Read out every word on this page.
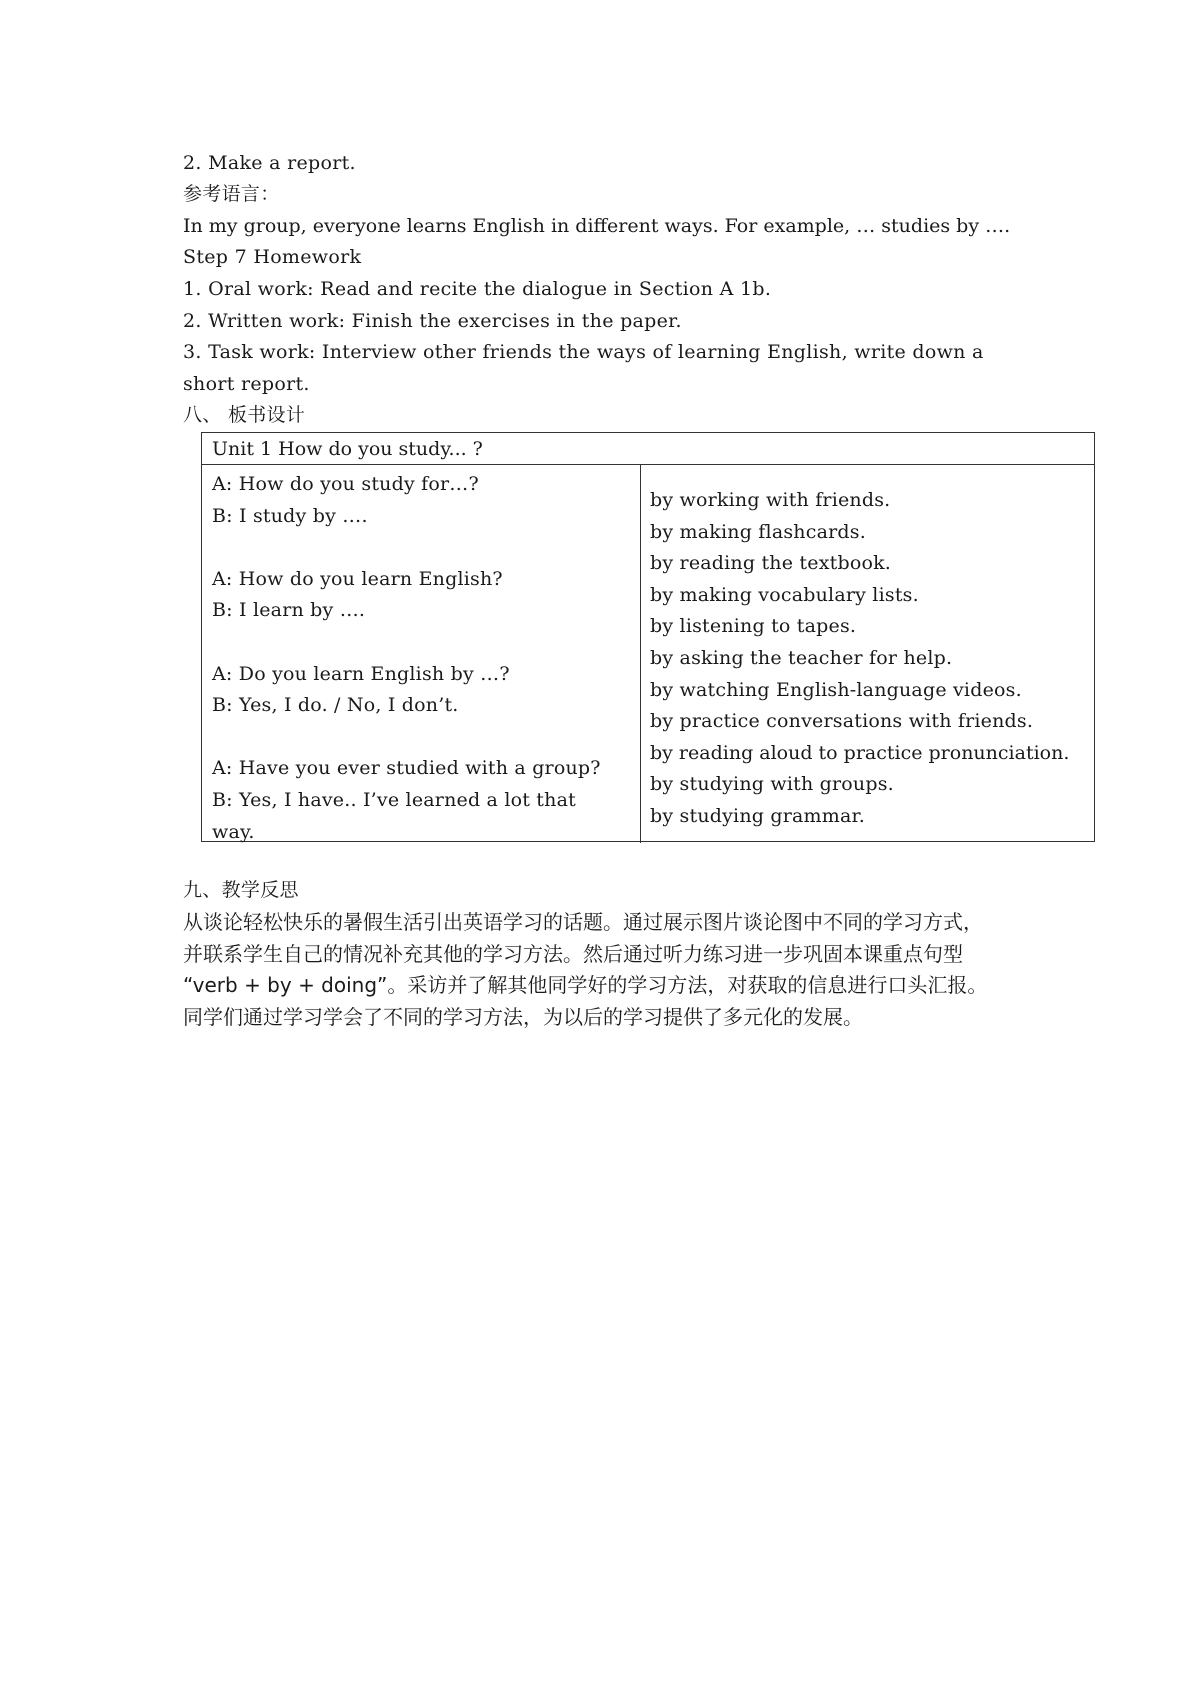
2. Make a report.
参考语言：
In my group, everyone learns English in different ways. For example, … studies by ….
Step 7 Homework
1. Oral work: Read and recite the dialogue in Section A 1b.
2. Written work: Finish the exercises in the paper.
3. Task work: Interview other friends the ways of learning English, write down a
short report.
八、 板书设计
Unit 1 How do you study... ?
A: How do you study for…?
B: I study by ….
A: How do you learn English?
B: I learn by ….
A: Do you learn English by …?
B: Yes, I do. / No, I don’t.
A: Have you ever studied with a group?
B: Yes, I have.. I’ve learned a lot that
way.
by working with friends.
by making flashcards.
by reading the textbook.
by making vocabulary lists.
by listening to tapes.
by asking the teacher for help.
by watching English-language videos.
by practice conversations with friends.
by reading aloud to practice pronunciation.
by studying with groups.
by studying grammar.
九、教学反思
从谈论轻松快乐的暑假生活引出英语学习的话题。通过展示图片谈论图中不同的学习方式，
并联系学生自己的情况补充其他的学习方法。然后通过听力练习进一步巩固本课重点句型
“verb + by + doing”。采访并了解其他同学好的学习方法，对获取的信息进行口头汇报。
同学们通过学习学会了不同的学习方法，为以后的学习提供了多元化的发展。
